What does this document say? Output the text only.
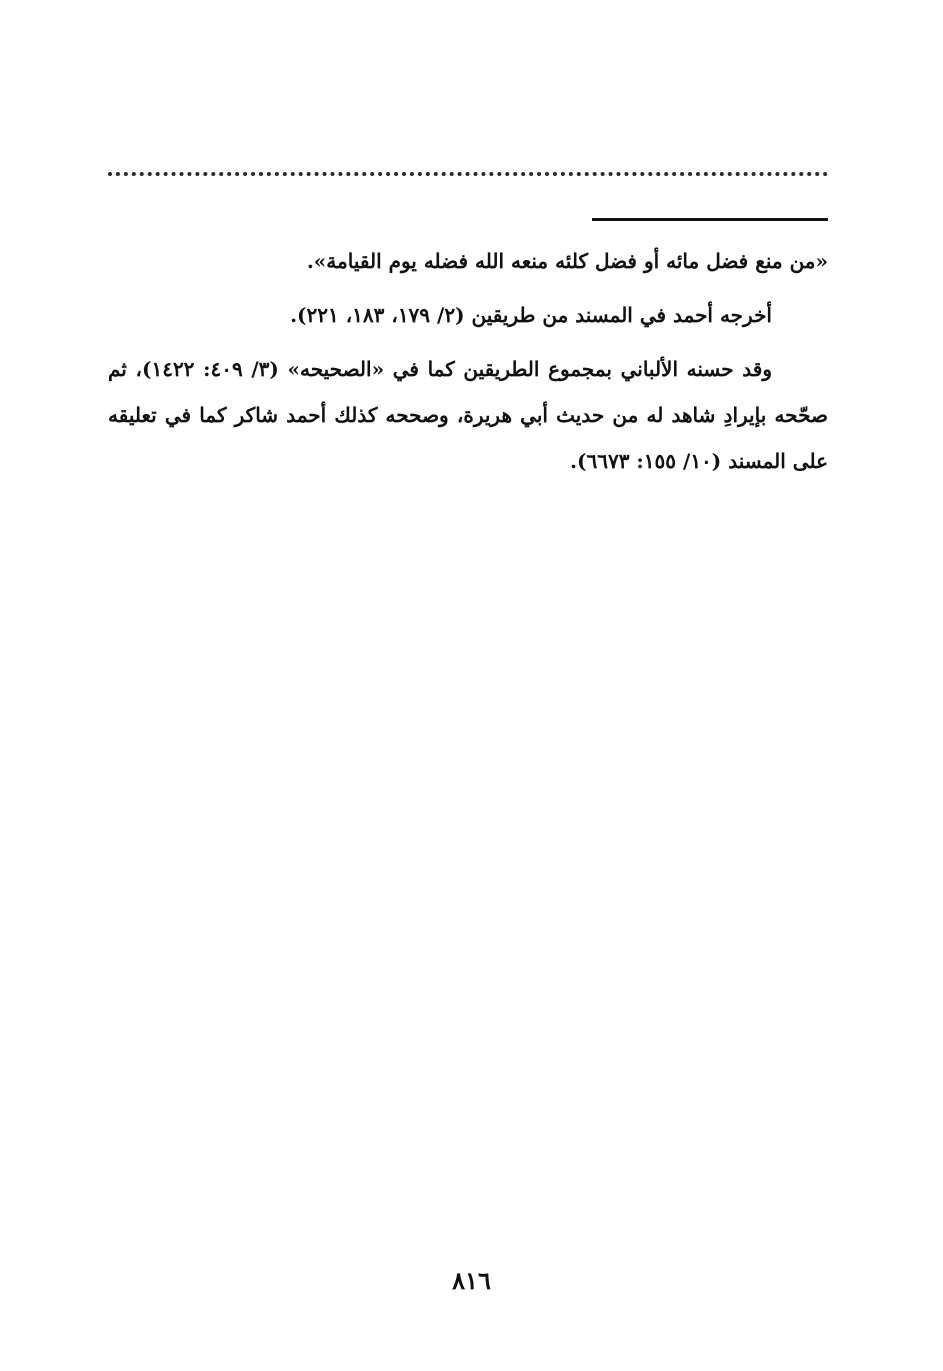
«من منع فضل مائه أو فضل كلئه منعه الله فضله يوم القيامة».

أخرجه أحمد في المسند من طريقين (٢/ ١٧٩، ١٨٣، ٢٢١).

وقد حسنه الألباني بمجموع الطريقين كما في «الصحيحه» (٣/ ٤٠٩: ١٤٢٢)، ثم صحّحه بإيرادِ شاهد له من حديث أبي هريرة، وصححه كذلك أحمد شاكر كما في تعليقه على المسند (١٠/ ١٥٥: ٦٦٧٣).

٨١٦
